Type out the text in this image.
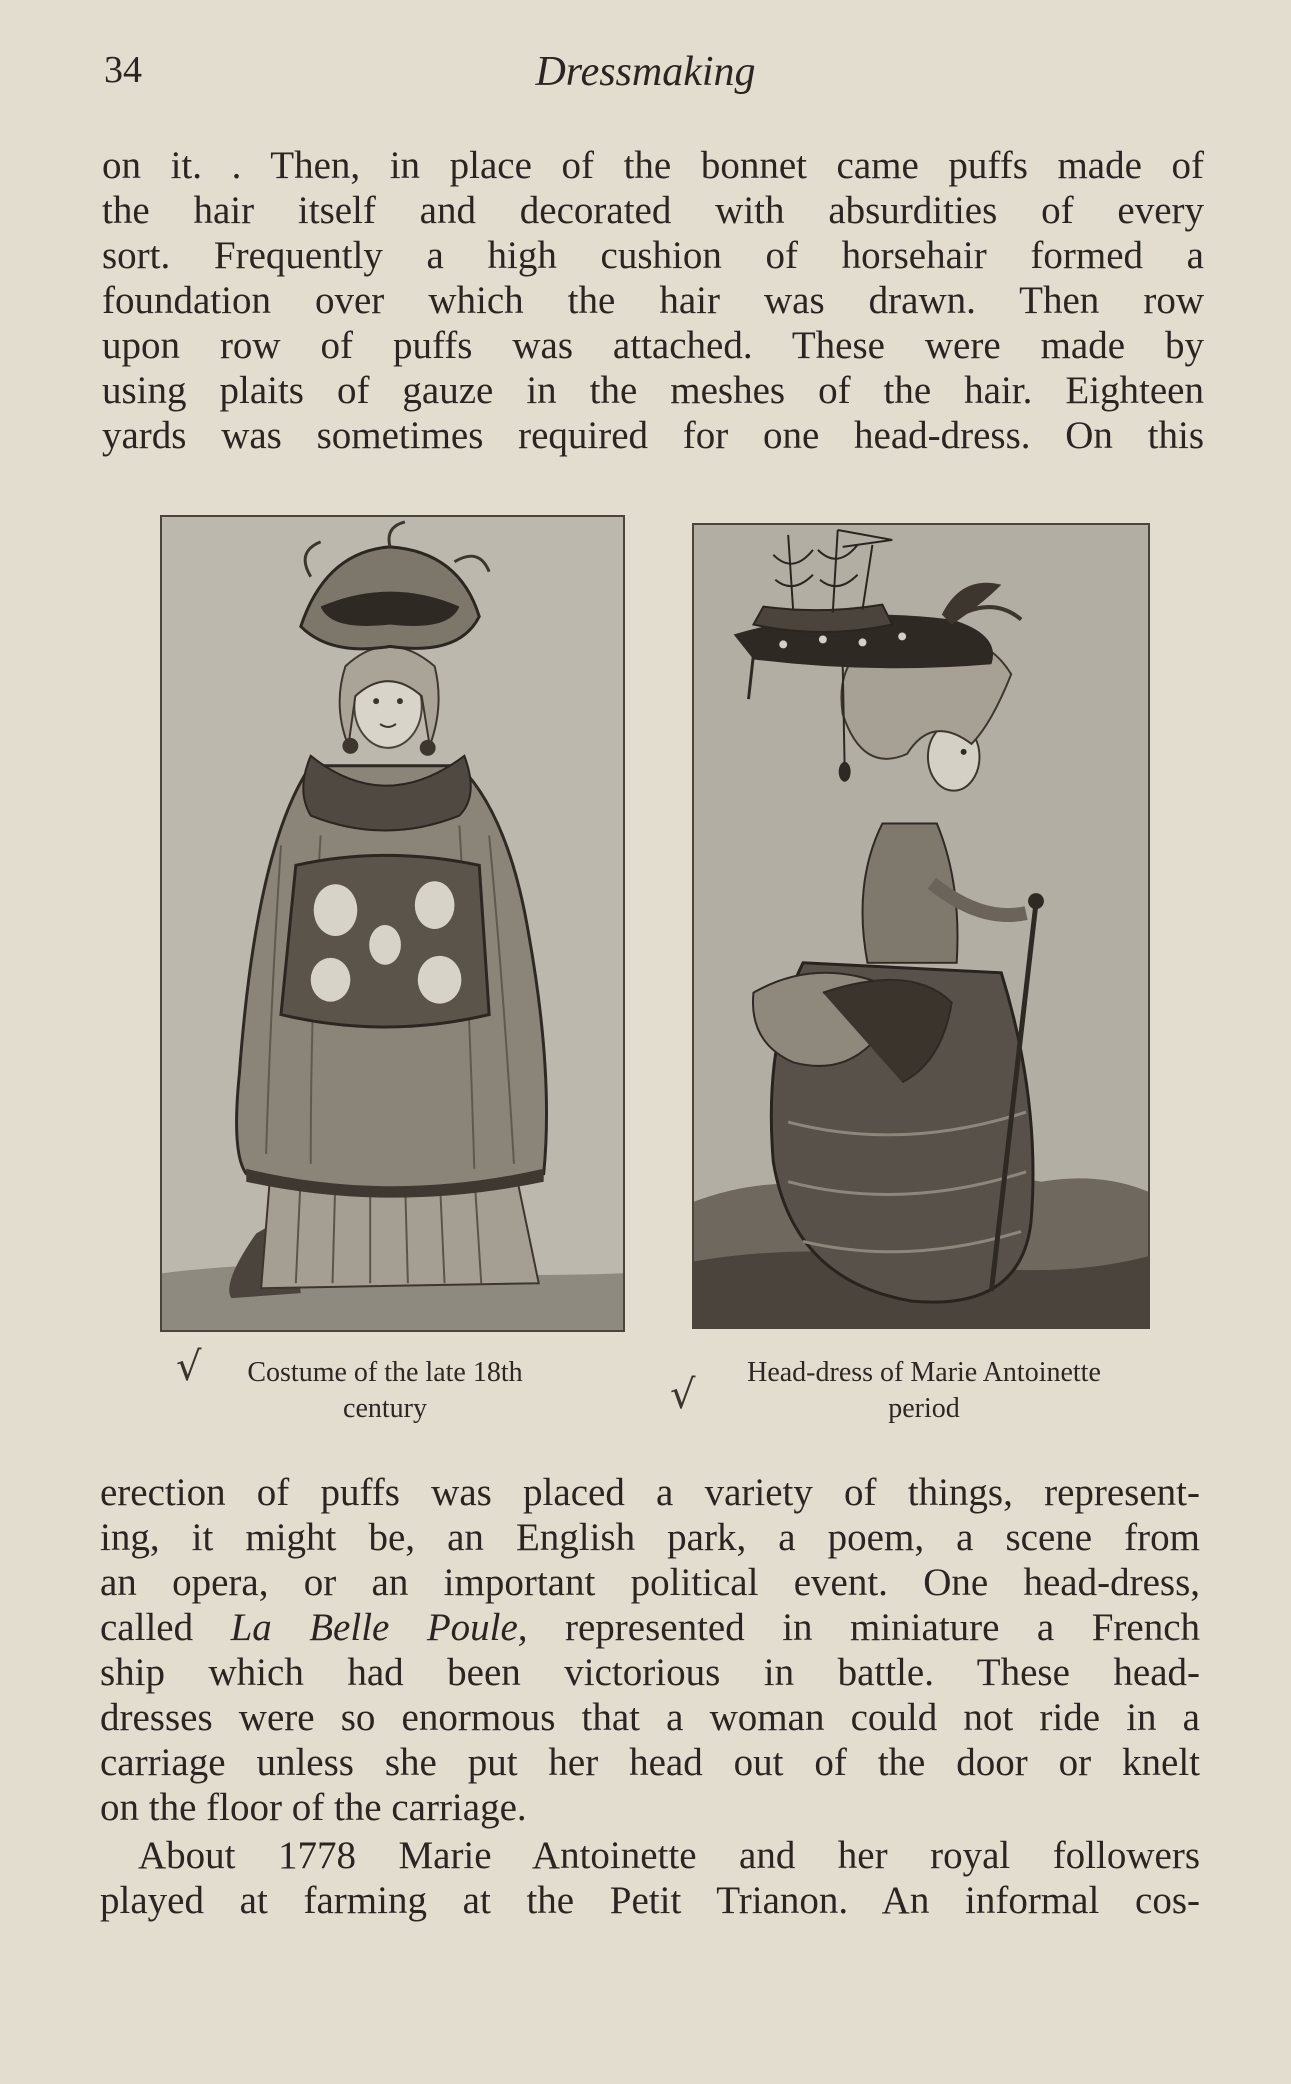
34	Dressmaking

on it. . Then, in place of the bonnet came puffs made of
the hair itself and decorated with absurdities of every
sort. Frequently a high cushion of horsehair formed a
foundation over which the hair was drawn. Then row
upon row of puffs was attached. These were made by
using plaits of gauze in the meshes of the hair. Eighteen
yards was sometimes required for one head-dress. On this

√	Costume of the late 18th
century	√	Head-dress of Marie Antoinette
period

erection of puffs was placed a variety of things, represent-
ing, it might be, an English park, a poem, a scene from
an opera, or an important political event. One head-dress,
called La Belle Poule, represented in miniature a French
ship which had been victorious in battle. These head-
dresses were so enormous that a woman could not ride in a
carriage unless she put her head out of the door or knelt
on the floor of the carriage.

About 1778 Marie Antoinette and her royal followers
played at farming at the Petit Trianon. An informal cos-
